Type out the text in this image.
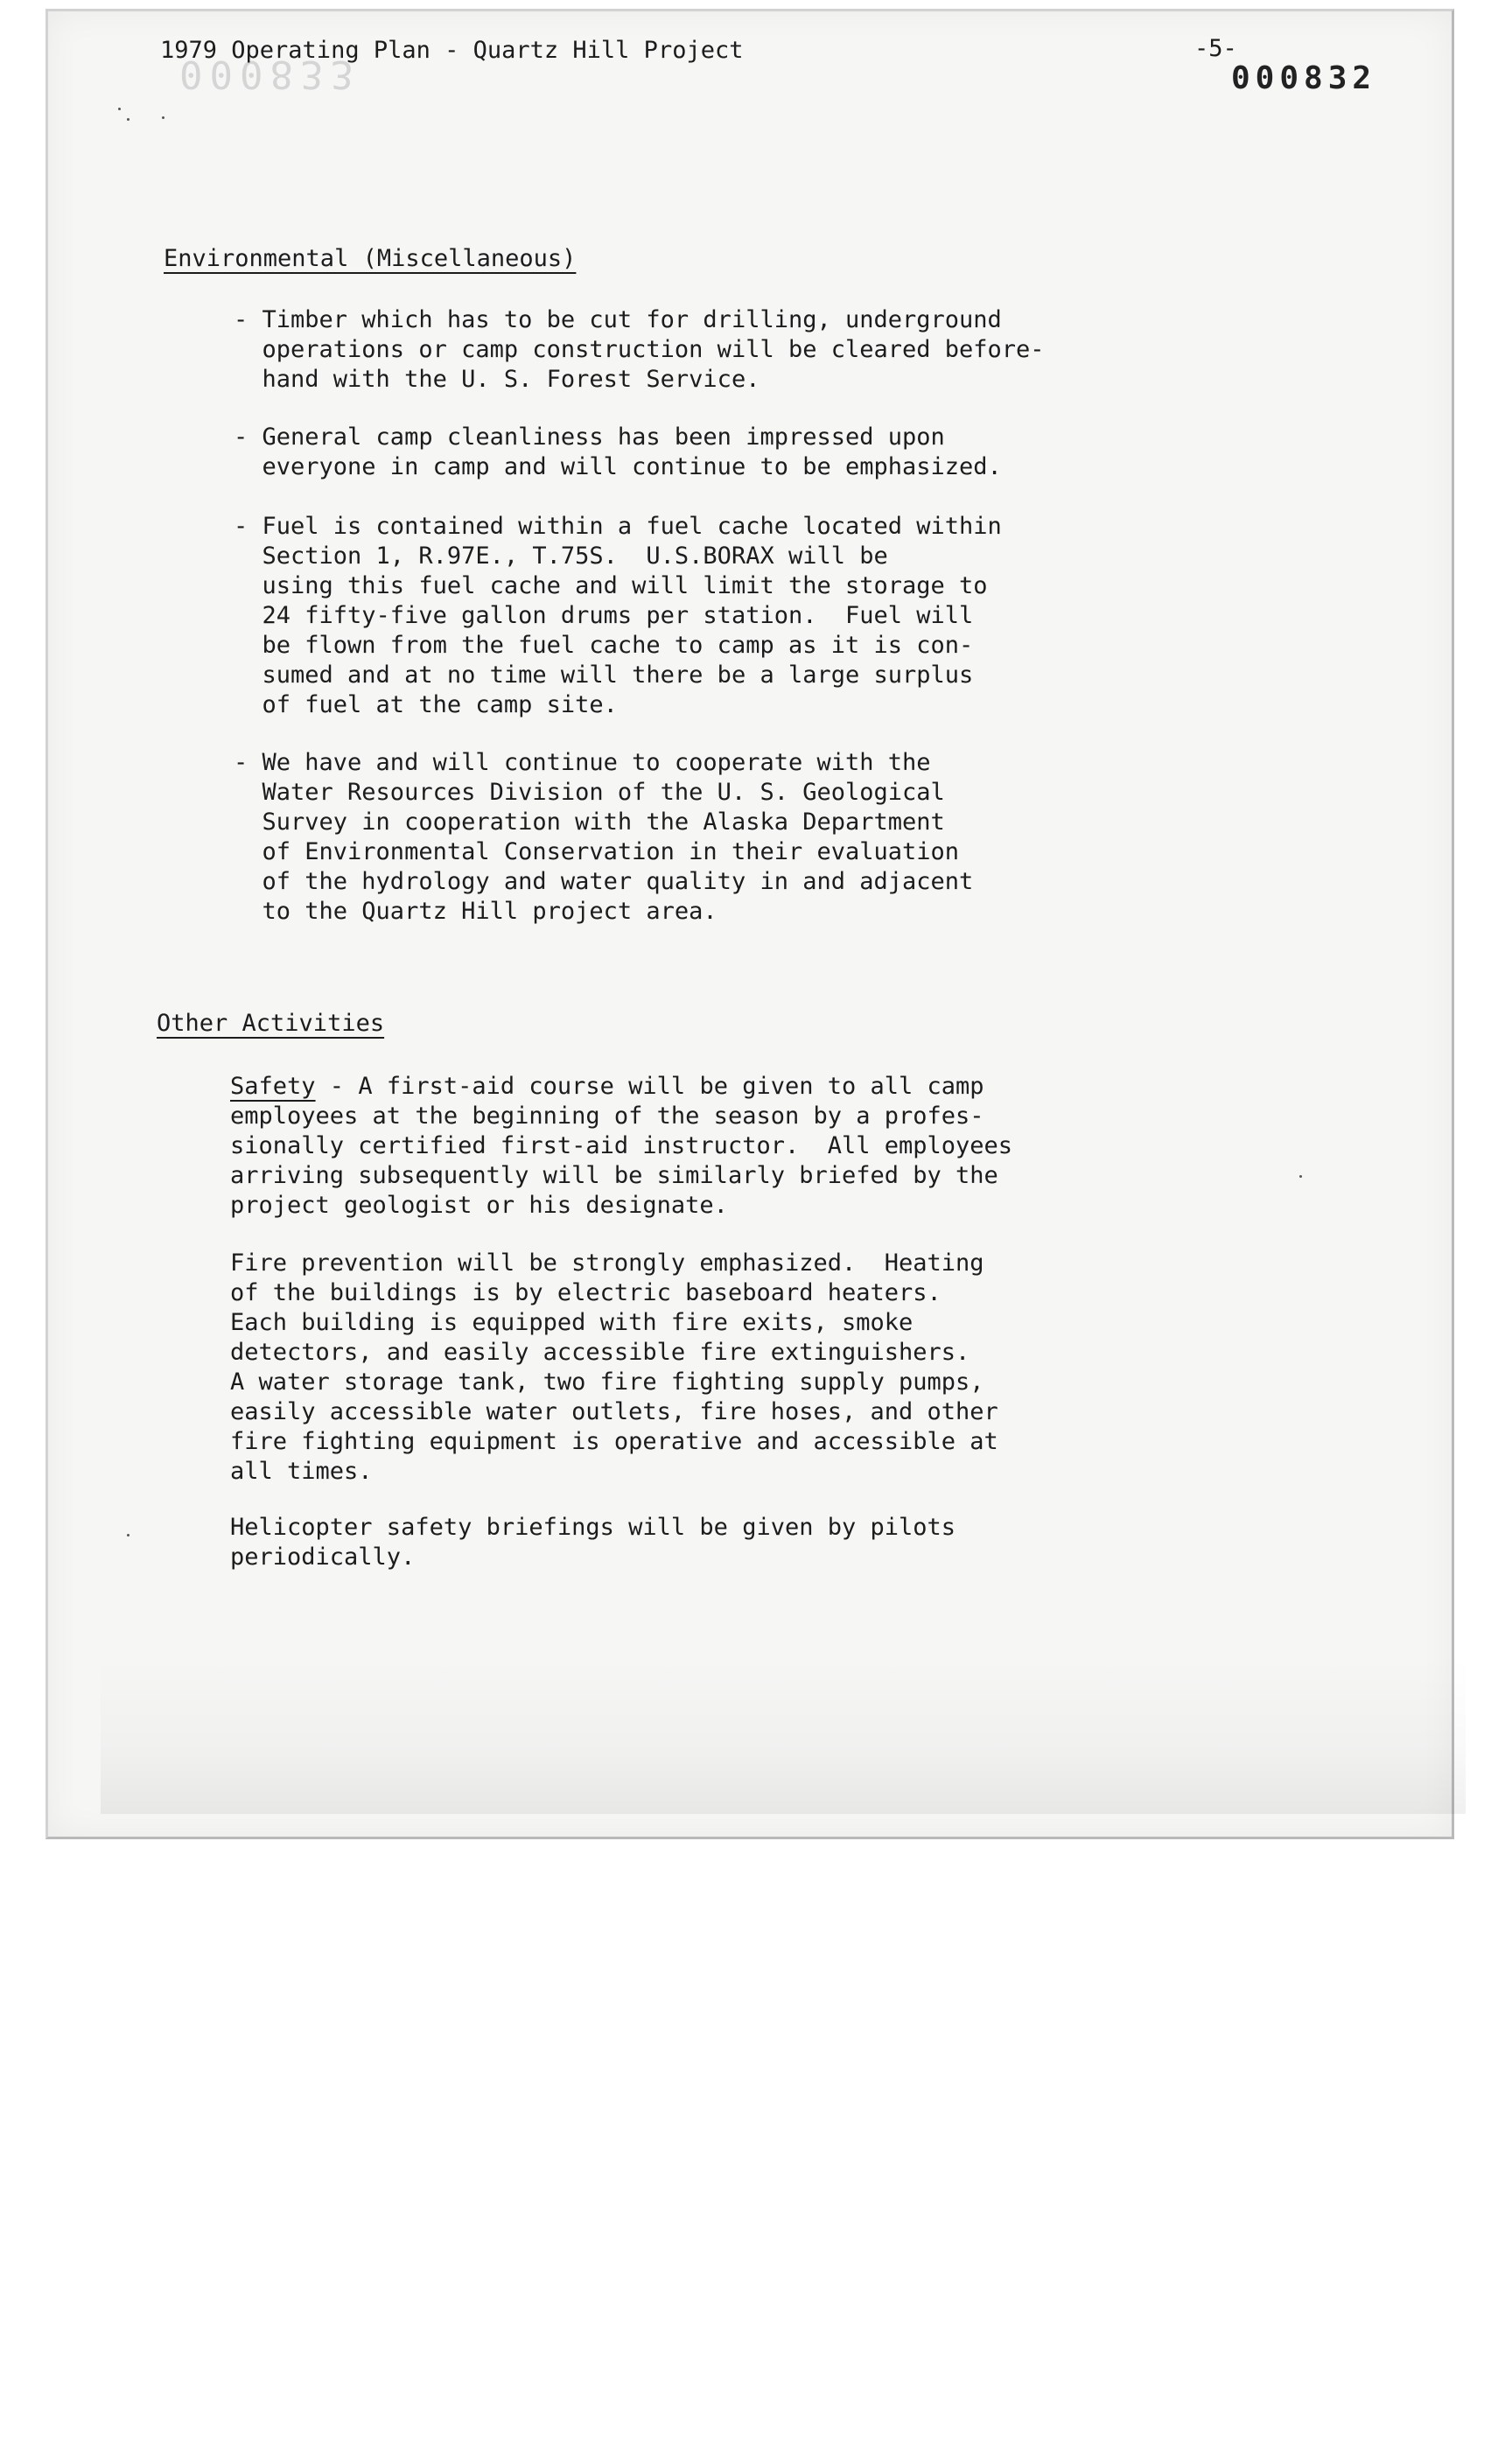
000833
1979 Operating Plan - Quartz Hill Project	-5-
000832
Environmental (Miscellaneous)
- Timber which has to be cut for drilling, underground
operations or camp construction will be cleared before-
hand with the U. S. Forest Service.
- General camp cleanliness has been impressed upon
everyone in camp and will continue to be emphasized.
- Fuel is contained within a fuel cache located within
Section 1, R.97E., T.75S.  U.S.BORAX will be
using this fuel cache and will limit the storage to
24 fifty-five gallon drums per station.  Fuel will
be flown from the fuel cache to camp as it is con-
sumed and at no time will there be a large surplus
of fuel at the camp site.
- We have and will continue to cooperate with the
Water Resources Division of the U. S. Geological
Survey in cooperation with the Alaska Department
of Environmental Conservation in their evaluation
of the hydrology and water quality in and adjacent
to the Quartz Hill project area.
Other Activities
Safety - A first-aid course will be given to all camp
employees at the beginning of the season by a profes-
sionally certified first-aid instructor.  All employees
arriving subsequently will be similarly briefed by the
project geologist or his designate.
Fire prevention will be strongly emphasized.  Heating
of the buildings is by electric baseboard heaters.
Each building is equipped with fire exits, smoke
detectors, and easily accessible fire extinguishers.
A water storage tank, two fire fighting supply pumps,
easily accessible water outlets, fire hoses, and other
fire fighting equipment is operative and accessible at
all times.
Helicopter safety briefings will be given by pilots
periodically.
